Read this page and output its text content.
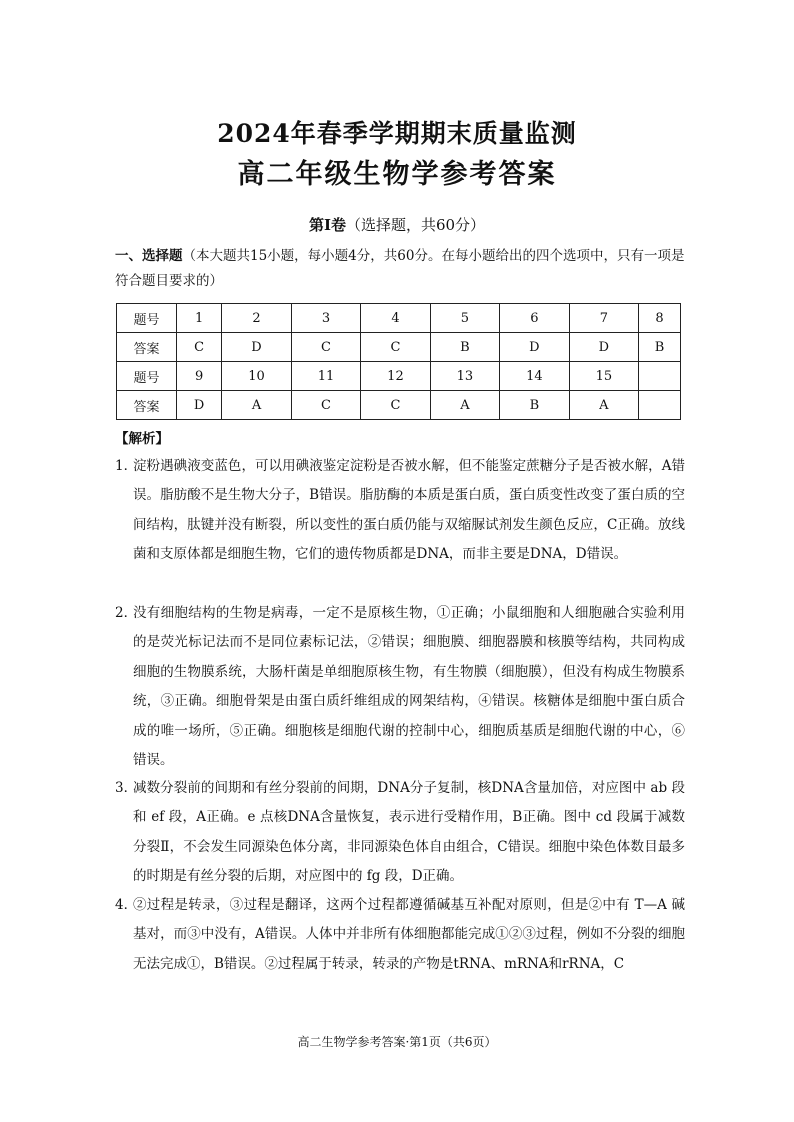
2024年春季学期期末质量监测
高二年级生物学参考答案
第Ⅰ卷（选择题，共60分）
一、选择题（本大题共15小题，每小题4分，共60分。在每小题给出的四个选项中，只有一项是符合题目要求的）
题号	1	2	3	4	5	6	7	8
答案	C	D	C	C	B	D	D	B
题号	9	10	11	12	13	14	15	
答案	D	A	C	C	A	B	A	
【解析】
1．
淀粉遇碘液变蓝色，可以用碘液鉴定淀粉是否被水解，但不能鉴定蔗糖分子是否被水解，A错误。脂肪酸不是生物大分子，B错误。脂肪酶的本质是蛋白质，蛋白质变性改变了蛋白质的空间结构，肽键并没有断裂，所以变性的蛋白质仍能与双缩脲试剂发生颜色反应，C正确。放线菌和支原体都是细胞生物，它们的遗传物质都是DNA，而非主要是DNA，D错误。
2．
没有细胞结构的生物是病毒，一定不是原核生物，①正确；小鼠细胞和人细胞融合实验利用的是荧光标记法而不是同位素标记法，②错误；细胞膜、细胞器膜和核膜等结构，共同构成细胞的生物膜系统，大肠杆菌是单细胞原核生物，有生物膜（细胞膜），但没有构成生物膜系统，③正确。细胞骨架是由蛋白质纤维组成的网架结构，④错误。核糖体是细胞中蛋白质合成的唯一场所，⑤正确。细胞核是细胞代谢的控制中心，细胞质基质是细胞代谢的中心，⑥错误。
3．
减数分裂前的间期和有丝分裂前的间期，DNA分子复制，核DNA含量加倍，对应图中 ab 段和 ef 段，A正确。e 点核DNA含量恢复，表示进行受精作用，B正确。图中 cd 段属于减数分裂Ⅱ，不会发生同源染色体分离，非同源染色体自由组合，C错误。细胞中染色体数目最多的时期是有丝分裂的后期，对应图中的 fg 段，D正确。
4．
②过程是转录，③过程是翻译，这两个过程都遵循碱基互补配对原则，但是②中有 T—A 碱基对，而③中没有，A错误。人体中并非所有体细胞都能完成①②③过程，例如不分裂的细胞无法完成①，B错误。②过程属于转录，转录的产物是tRNA、mRNA和rRNA，C
高二生物学参考答案·第1页（共6页）
